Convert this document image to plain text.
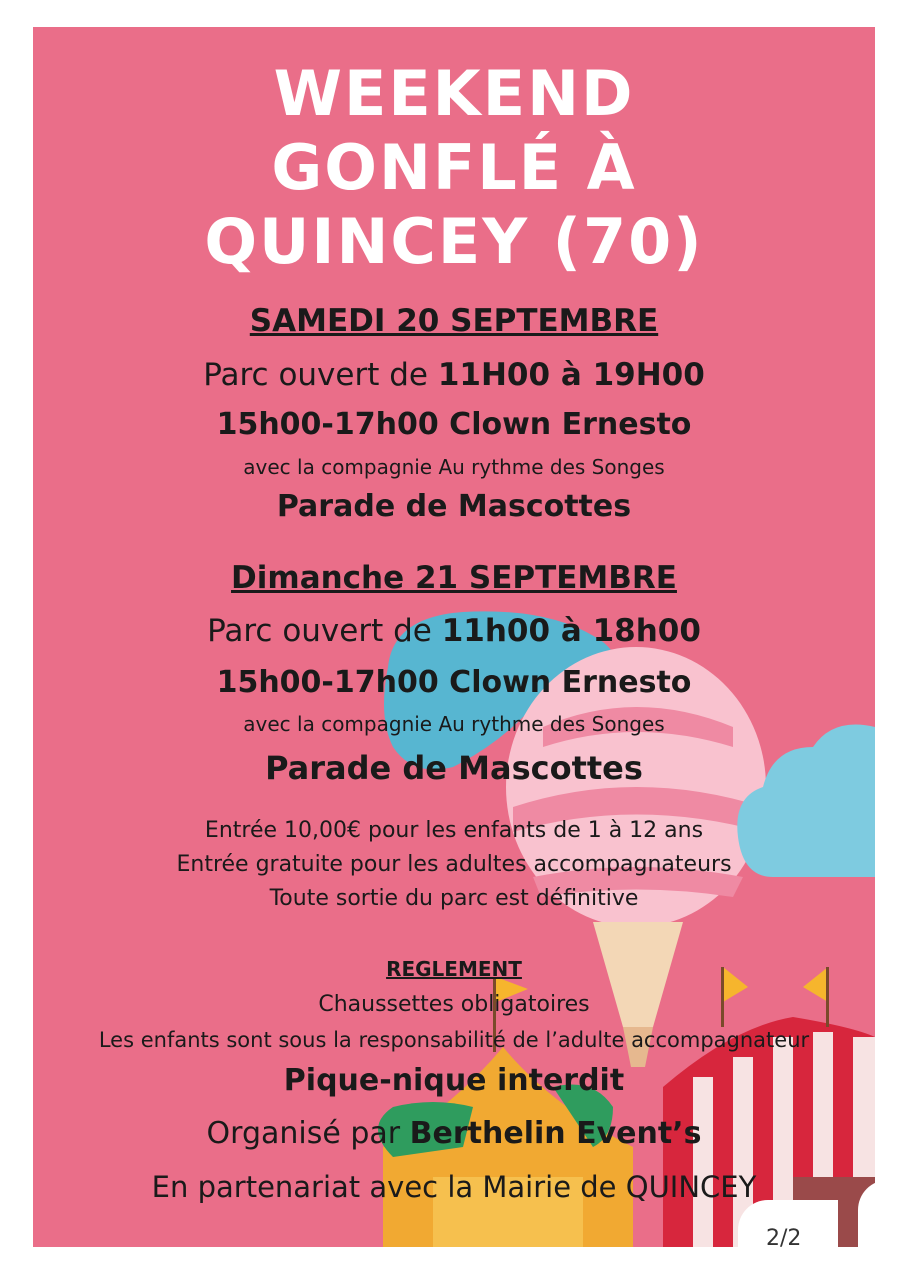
WEEKEND
GONFLÉ À
QUINCEY (70)
SAMEDI 20 SEPTEMBRE
Parc ouvert de 11H00 à 19H00
15h00-17h00 Clown Ernesto
avec la compagnie Au rythme des Songes
Parade de Mascottes
Dimanche 21 SEPTEMBRE
Parc ouvert de 11h00 à 18h00
15h00-17h00 Clown Ernesto
avec la compagnie Au rythme des Songes
Parade de Mascottes
Entrée 10,00€ pour les enfants de 1 à 12 ans
Entrée gratuite pour les adultes accompagnateurs
Toute sortie du parc est définitive
REGLEMENT
Chaussettes obligatoires
Les enfants sont sous la responsabilité de l’adulte accompagnateur
Pique-nique interdit
Organisé par Berthelin Event’s
En partenariat avec la Mairie de QUINCEY
2/2
